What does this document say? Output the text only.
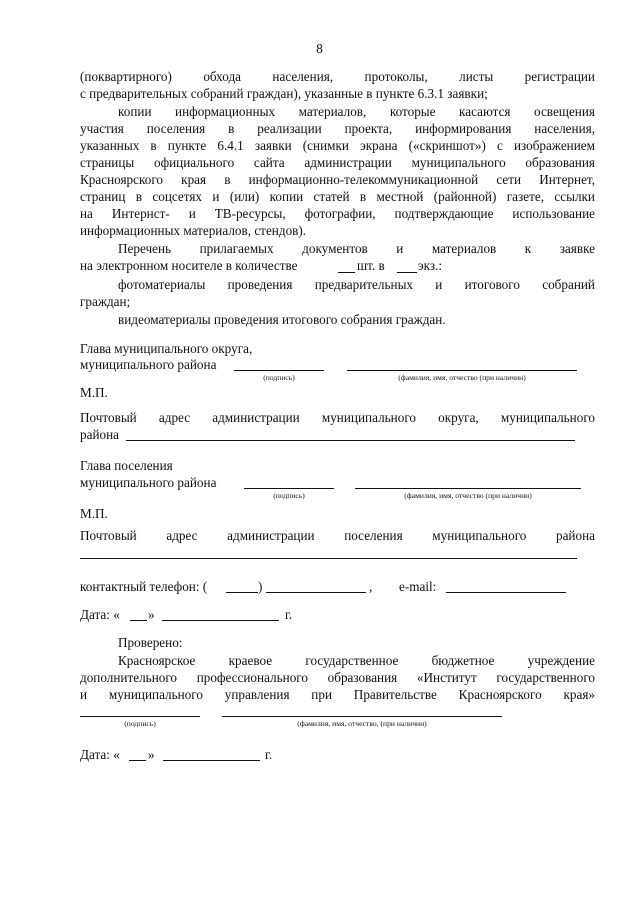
8
(поквартирного) обхода населения, протоколы, листы регистрации
с предварительных собраний граждан), указанные в пункте 6.3.1 заявки;
копии информационных материалов, которые касаются освещения
участия поселения в реализации проекта, информирования населения,
указанных в пункте 6.4.1 заявки (снимки экрана («скриншот») с изображением
страницы официального сайта администрации муниципального образования
Красноярского края в информационно-телекоммуникационной сети Интернет,
страниц в соцсетях и (или) копии статей в местной (районной) газете, ссылки
на Интернст- и ТВ-ресурсы, фотографии, подтверждающие использование
информационных материалов, стендов).
Перечень прилагаемых документов и материалов к заявке
на электронном носителе в количестве	шт. в	экз.:
фотоматериалы проведения предварительных и итогового собраний
граждан;
видеоматериалы проведения итогового собрания граждан.
Глава муниципального округа,
муниципального района
(подпись)	(фамилия, имя, отчество (при наличии)
М.П.
Почтовый адрес администрации муниципального округа, муниципального
района
Глава поселения
муниципального района
(подпись)	(фамилия, имя, отчество (при наличии)
М.П.
Почтовый адрес администрации поселения муниципального района
контактный телефон: (	)	, e-mail:
Дата: « »	г.
Проверено:
Красноярское краевое государственное бюджетное учреждение
дополнительного профессионального образования «Институт государственного
и муниципального управления при Правительстве Красноярского края»
(подпись)	(фамилия, имя, отчество, (при наличии)
Дата: « »	г.
